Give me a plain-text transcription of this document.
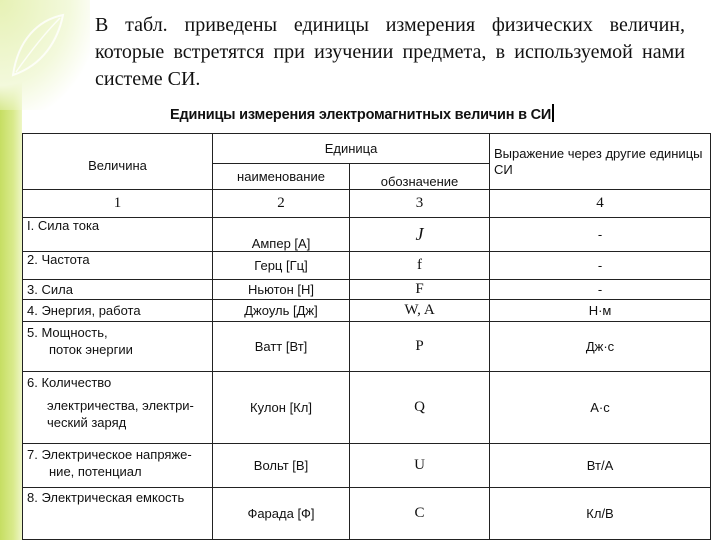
В табл. приведены единицы измерения физических величин, которые встретятся при изучении предмета, в используемой нами системе СИ.
Единицы измерения электромагнитных величин в СИ
Величина	Единица		Выражение через другие единицы СИ
	наименование	обозначение	
1	2	3	4
I. Сила тока	Ампер [А]	J	-
2. Частота	Герц [Гц]	f	-
3. Сила	Ньютон [Н]	F	-
4. Энергия, работа	Джоуль [Дж]	W, A	Н·м

5. Мощность,
поток энергии	Ватт [Вт]	P	Дж·с

6. Количество
электричества, электри-ческий заряд	Кулон [Кл]	Q	А·с

7. Электрическое напряже-
ние, потенциал	Вольт [В]	U	Вт/А
8. Электрическая емкость	Фарада [Ф]	C	Кл/В
